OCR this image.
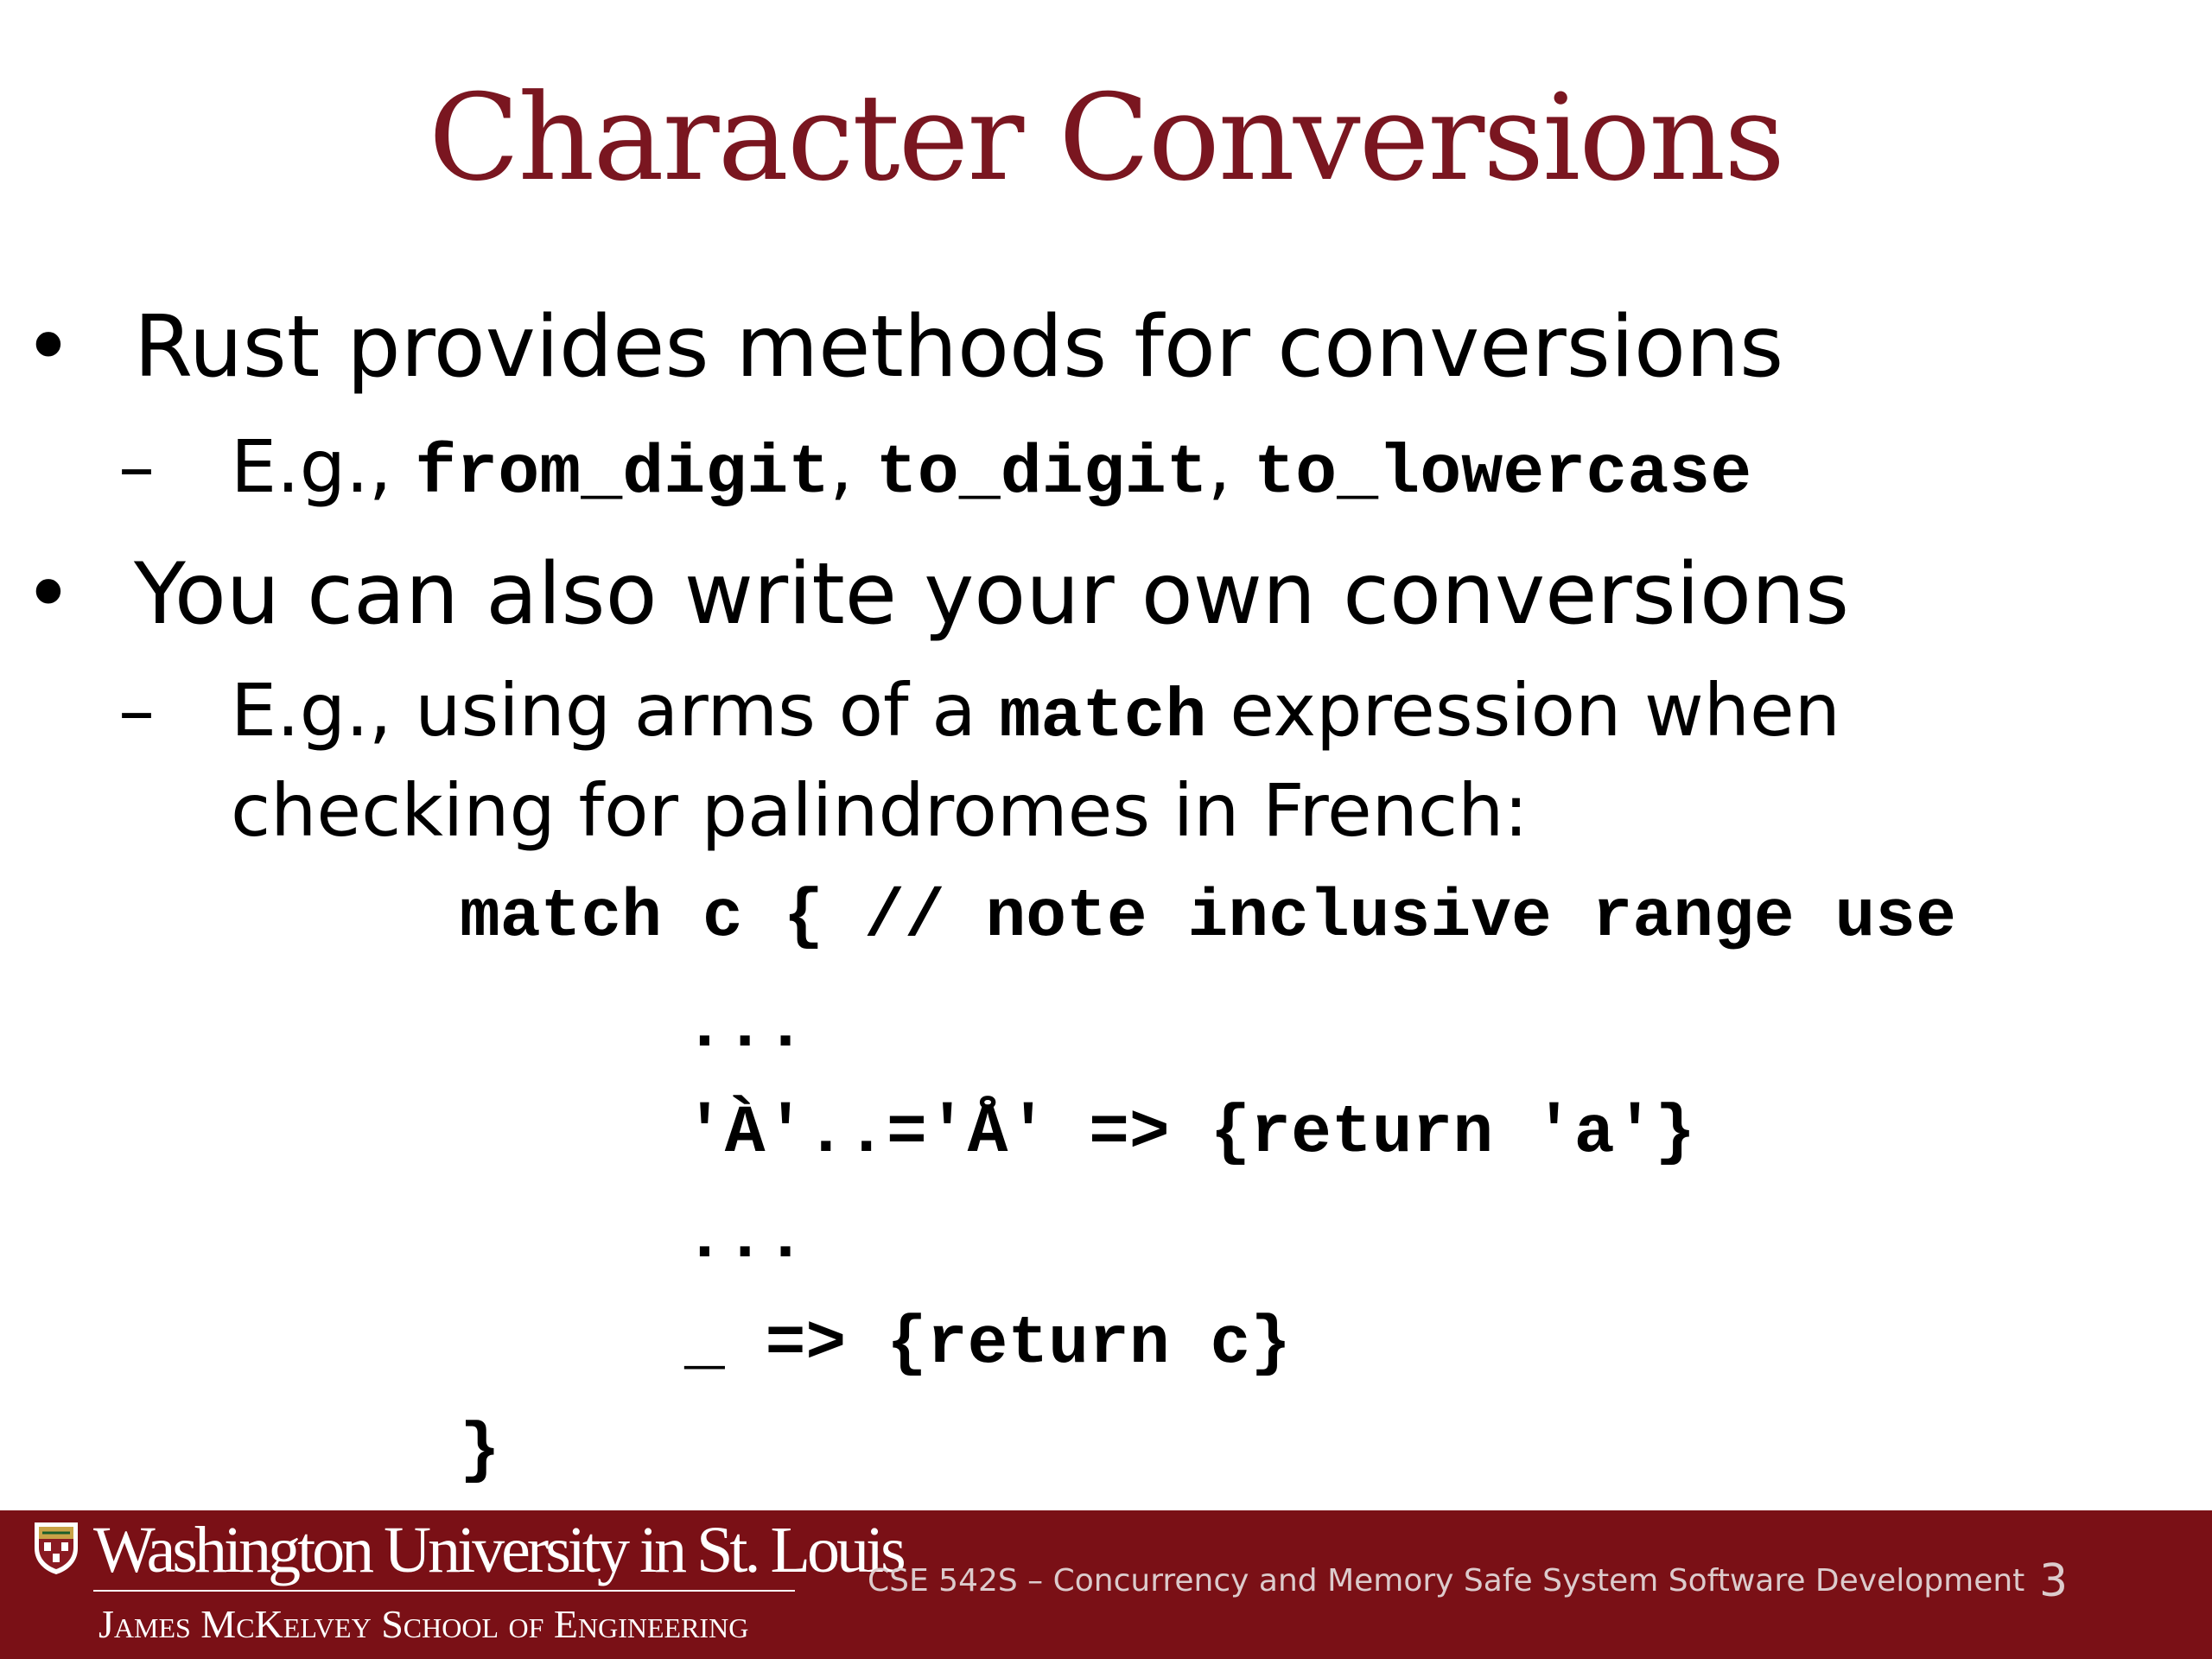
Character Conversions
• Rust provides methods for conversions
– E.g., from_digit, to_digit, to_lowercase
• You can also write your own conversions
– E.g., using arms of a match expression when
checking for palindromes in French:
match c { // note inclusive range use
...
'À'..='Å' => {return 'a'}
...
_ => {return c}
}
Washington University in St. Louis
James McKelvey School of Engineering
CSE 542S – Concurrency and Memory Safe System Software Development 3
